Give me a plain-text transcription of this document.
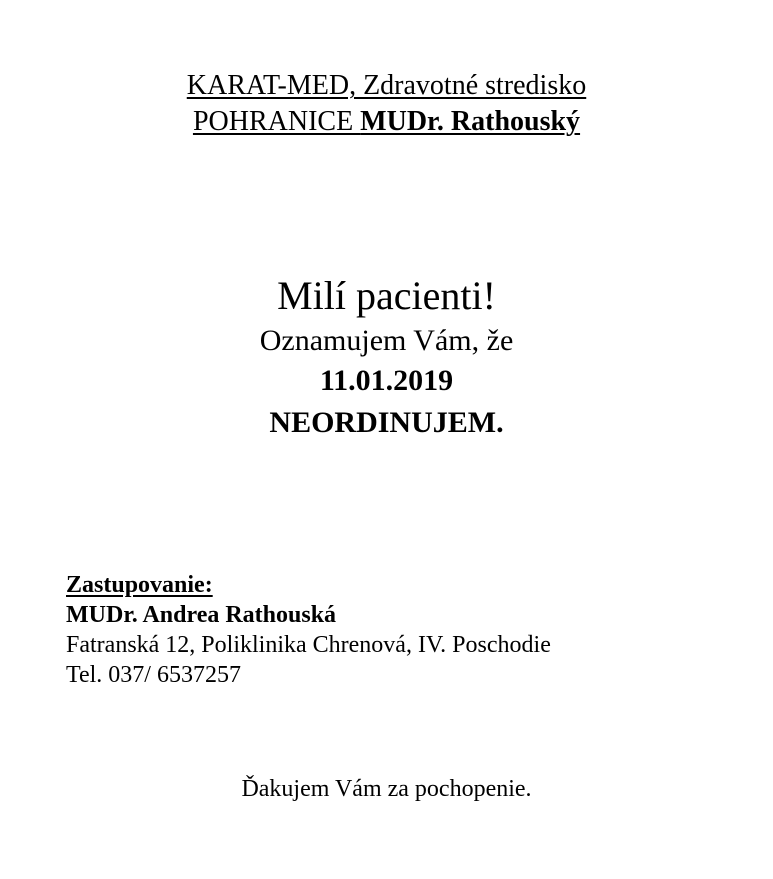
KARAT-MED, Zdravotné stredisko
POHRANICE MUDr. Rathouský
Milí pacienti!
Oznamujem Vám, že
11.01.2019
NEORDINUJEM.
Zastupovanie:
MUDr. Andrea Rathouská
Fatranská 12, Poliklinika Chrenová, IV. Poschodie
Tel. 037/ 6537257
Ďakujem Vám za pochopenie.
